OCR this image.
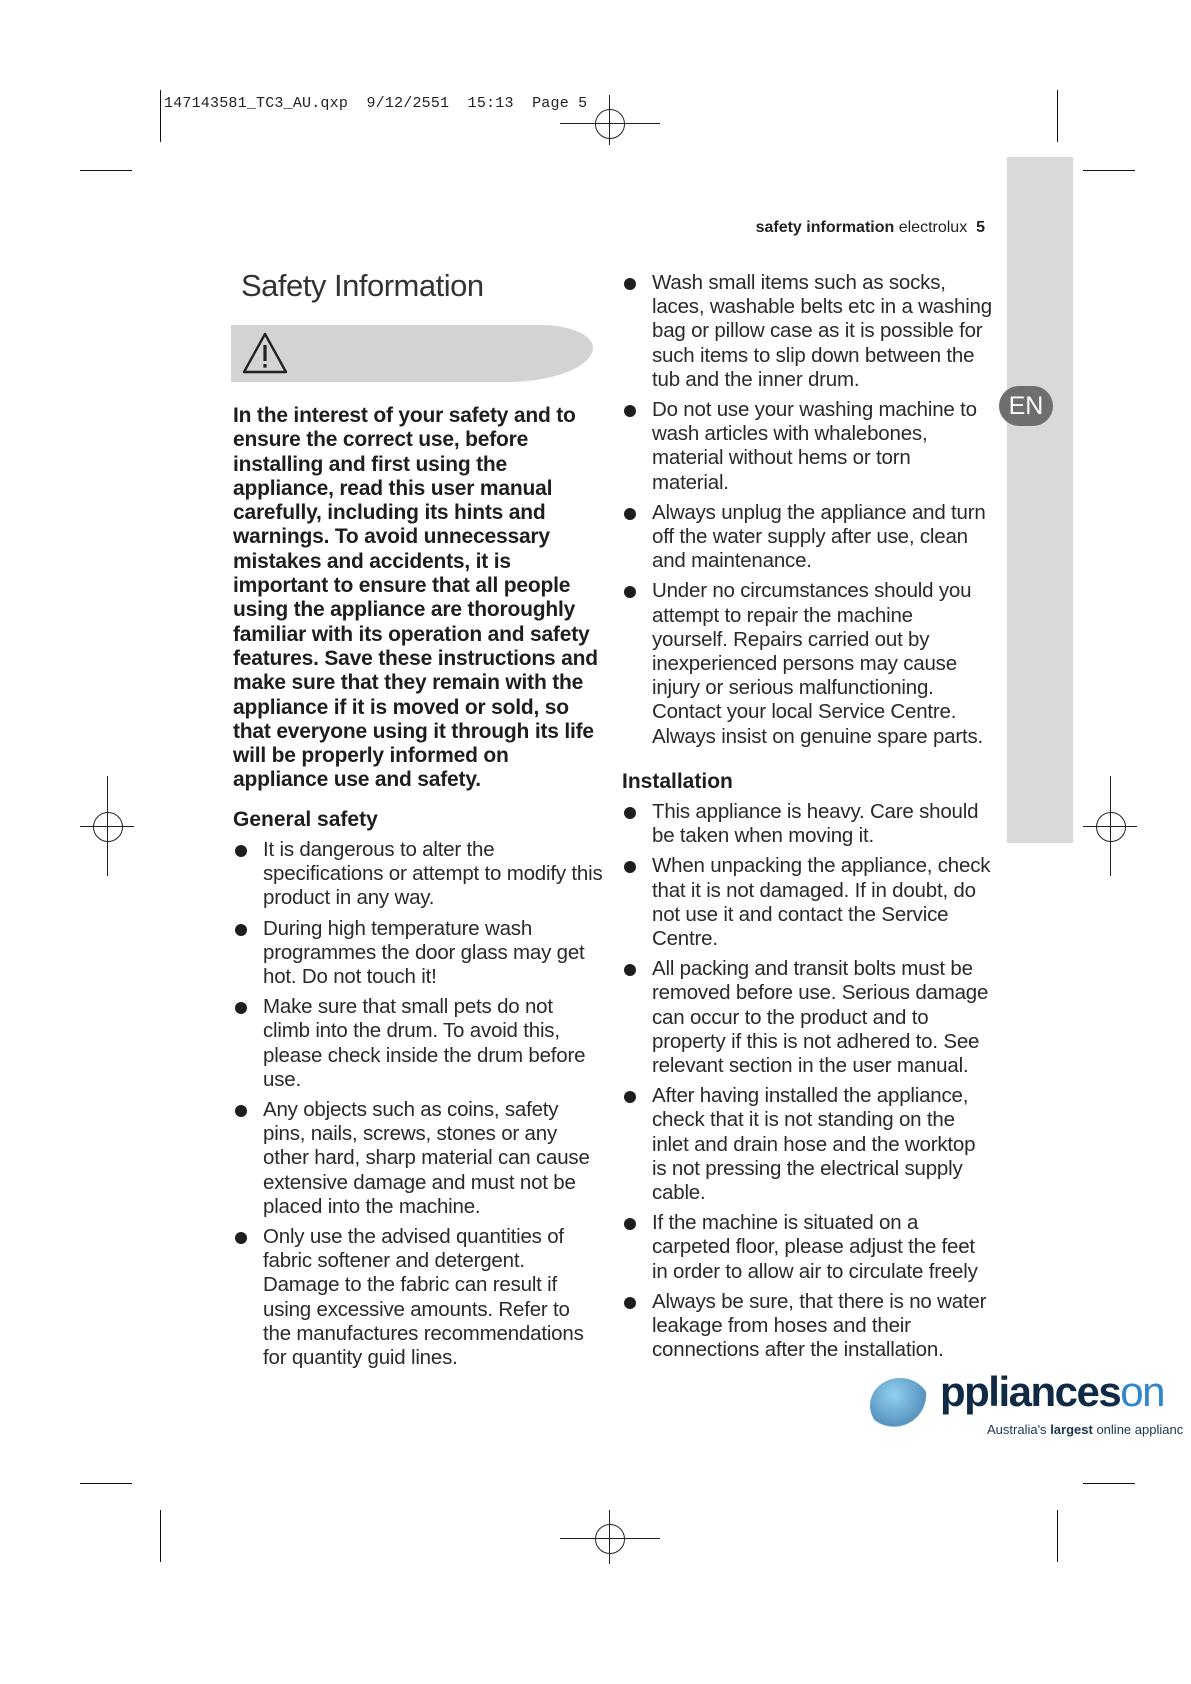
147143581_TC3_AU.qxp 9/12/2551 15:13 Page 5
EN
safety information electrolux 5
Safety Information
In the interest of your safety and to ensure the correct use, before installing and first using the appliance, read this user manual carefully, including its hints and warnings. To avoid unnecessary mistakes and accidents, it is important to ensure that all people using the appliance are thoroughly familiar with its operation and safety features. Save these instructions and make sure that they remain with the appliance if it is moved or sold, so that everyone using it through its life will be properly informed on appliance use and safety.
General safety
It is dangerous to alter the specifications or attempt to modify this product in any way.
During high temperature wash programmes the door glass may get hot. Do not touch it!
Make sure that small pets do not climb into the drum. To avoid this, please check inside the drum before use.
Any objects such as coins, safety pins, nails, screws, stones or any other hard, sharp material can cause extensive damage and must not be placed into the machine.
Only use the advised quantities of fabric softener and detergent. Damage to the fabric can result if using excessive amounts. Refer to the manufactures recommendations for quantity guid lines.
Wash small items such as socks, laces, washable belts etc in a washing bag or pillow case as it is possible for such items to slip down between the tub and the inner drum.
Do not use your washing machine to wash articles with whalebones, material without hems or torn material.
Always unplug the appliance and turn off the water supply after use, clean and maintenance.
Under no circumstances should you attempt to repair the machine yourself. Repairs carried out by inexperienced persons may cause injury or serious malfunctioning. Contact your local Service Centre. Always insist on genuine spare parts.
Installation
This appliance is heavy. Care should be taken when moving it.
When unpacking the appliance, check that it is not damaged. If in doubt, do not use it and contact the Service Centre.
All packing and transit bolts must be removed before use. Serious damage can occur to the product and to property if this is not adhered to. See relevant section in the user manual.
After having installed the appliance, check that it is not standing on the inlet and drain hose and the worktop is not pressing the electrical supply cable.
If the machine is situated on a carpeted floor, please adjust the feet in order to allow air to circulate freely
Always be sure, that there is no water leakage from hoses and their connections after the installation.
pplianceson
Australia's largest online applianc
